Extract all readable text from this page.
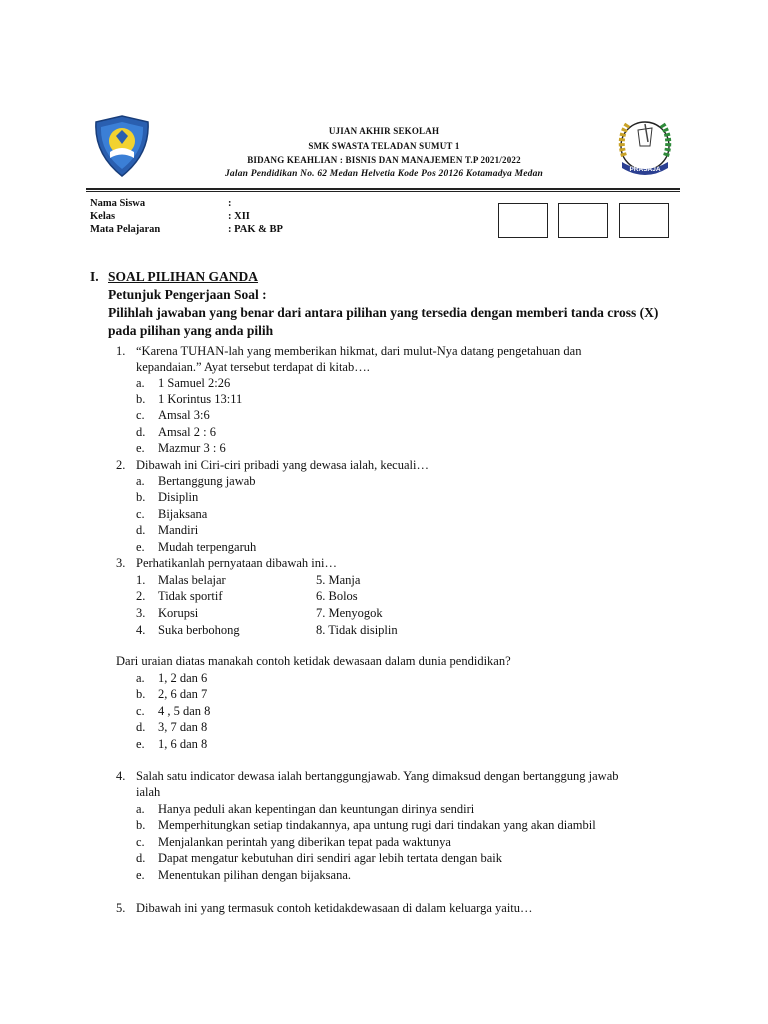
PRASAJA
UJIAN AKHIR SEKOLAH
SMK SWASTA TELADAN SUMUT 1
BIDANG KEAHLIAN : BISNIS DAN MANAJEMEN T.P 2021/2022
Jalan Pendidikan No. 62 Medan Helvetia Kode Pos 20126 Kotamadya Medan
Nama Siswa	:
Kelas	: XII
Mata Pelajaran	: PAK & BP
I. SOAL PILIHAN GANDA
Petunjuk Pengerjaan Soal :
Pilihlah jawaban yang benar dari antara pilihan yang tersedia dengan memberi tanda cross (X)
pada pilihan yang anda pilih
1. “Karena TUHAN-lah yang memberikan hikmat, dari mulut-Nya datang pengetahuan dan
kepandaian.” Ayat tersebut terdapat di kitab….
a. 1 Samuel 2:26
b. 1 Korintus 13:11
c. Amsal 3:6
d. Amsal 2 : 6
e. Mazmur 3 : 6
2. Dibawah ini Ciri-ciri pribadi yang dewasa ialah, kecuali…
a. Bertanggung jawab
b. Disiplin
c. Bijaksana
d. Mandiri
e. Mudah terpengaruh
3. Perhatikanlah pernyataan dibawah ini…
1. Malas belajar	5. Manja
2. Tidak sportif	6. Bolos
3. Korupsi	7. Menyogok
4. Suka berbohong	8. Tidak disiplin
Dari uraian diatas manakah contoh ketidak dewasaan dalam dunia pendidikan?
a. 1, 2 dan 6
b. 2, 6 dan 7
c. 4 , 5 dan 8
d. 3, 7 dan 8
e. 1, 6 dan 8
4. Salah satu indicator dewasa ialah bertanggungjawab. Yang dimaksud dengan bertanggung jawab
ialah
a. Hanya peduli akan kepentingan dan keuntungan dirinya sendiri
b. Memperhitungkan setiap tindakannya, apa untung rugi dari tindakan yang akan diambil
c. Menjalankan perintah yang diberikan tepat pada waktunya
d. Dapat mengatur kebutuhan diri sendiri agar lebih tertata dengan baik
e. Menentukan pilihan dengan bijaksana.
5. Dibawah ini yang termasuk contoh ketidakdewasaan di dalam keluarga yaitu…
